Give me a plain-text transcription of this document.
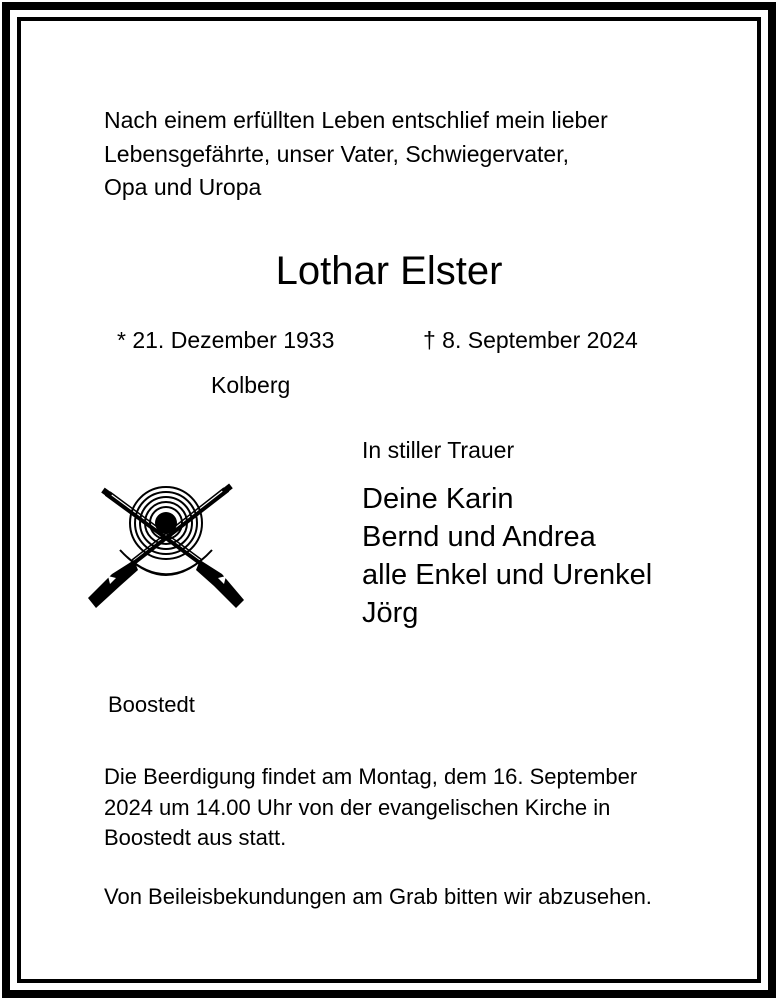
Nach einem erfüllten Leben entschlief mein lieber
Lebensgefährte, unser Vater, Schwiegervater,
Opa und Uropa
Lothar Elster
* 21. Dezember 1933	† 8. September 2024
Kolberg
In stiller Trauer
Deine Karin
Bernd und Andrea
alle Enkel und Urenkel
Jörg
Boostedt
Die Beerdigung findet am Montag, dem 16. September
2024 um 14.00 Uhr von der evangelischen Kirche in
Boostedt aus statt.
Von Beileisbekundungen am Grab bitten wir abzusehen.
